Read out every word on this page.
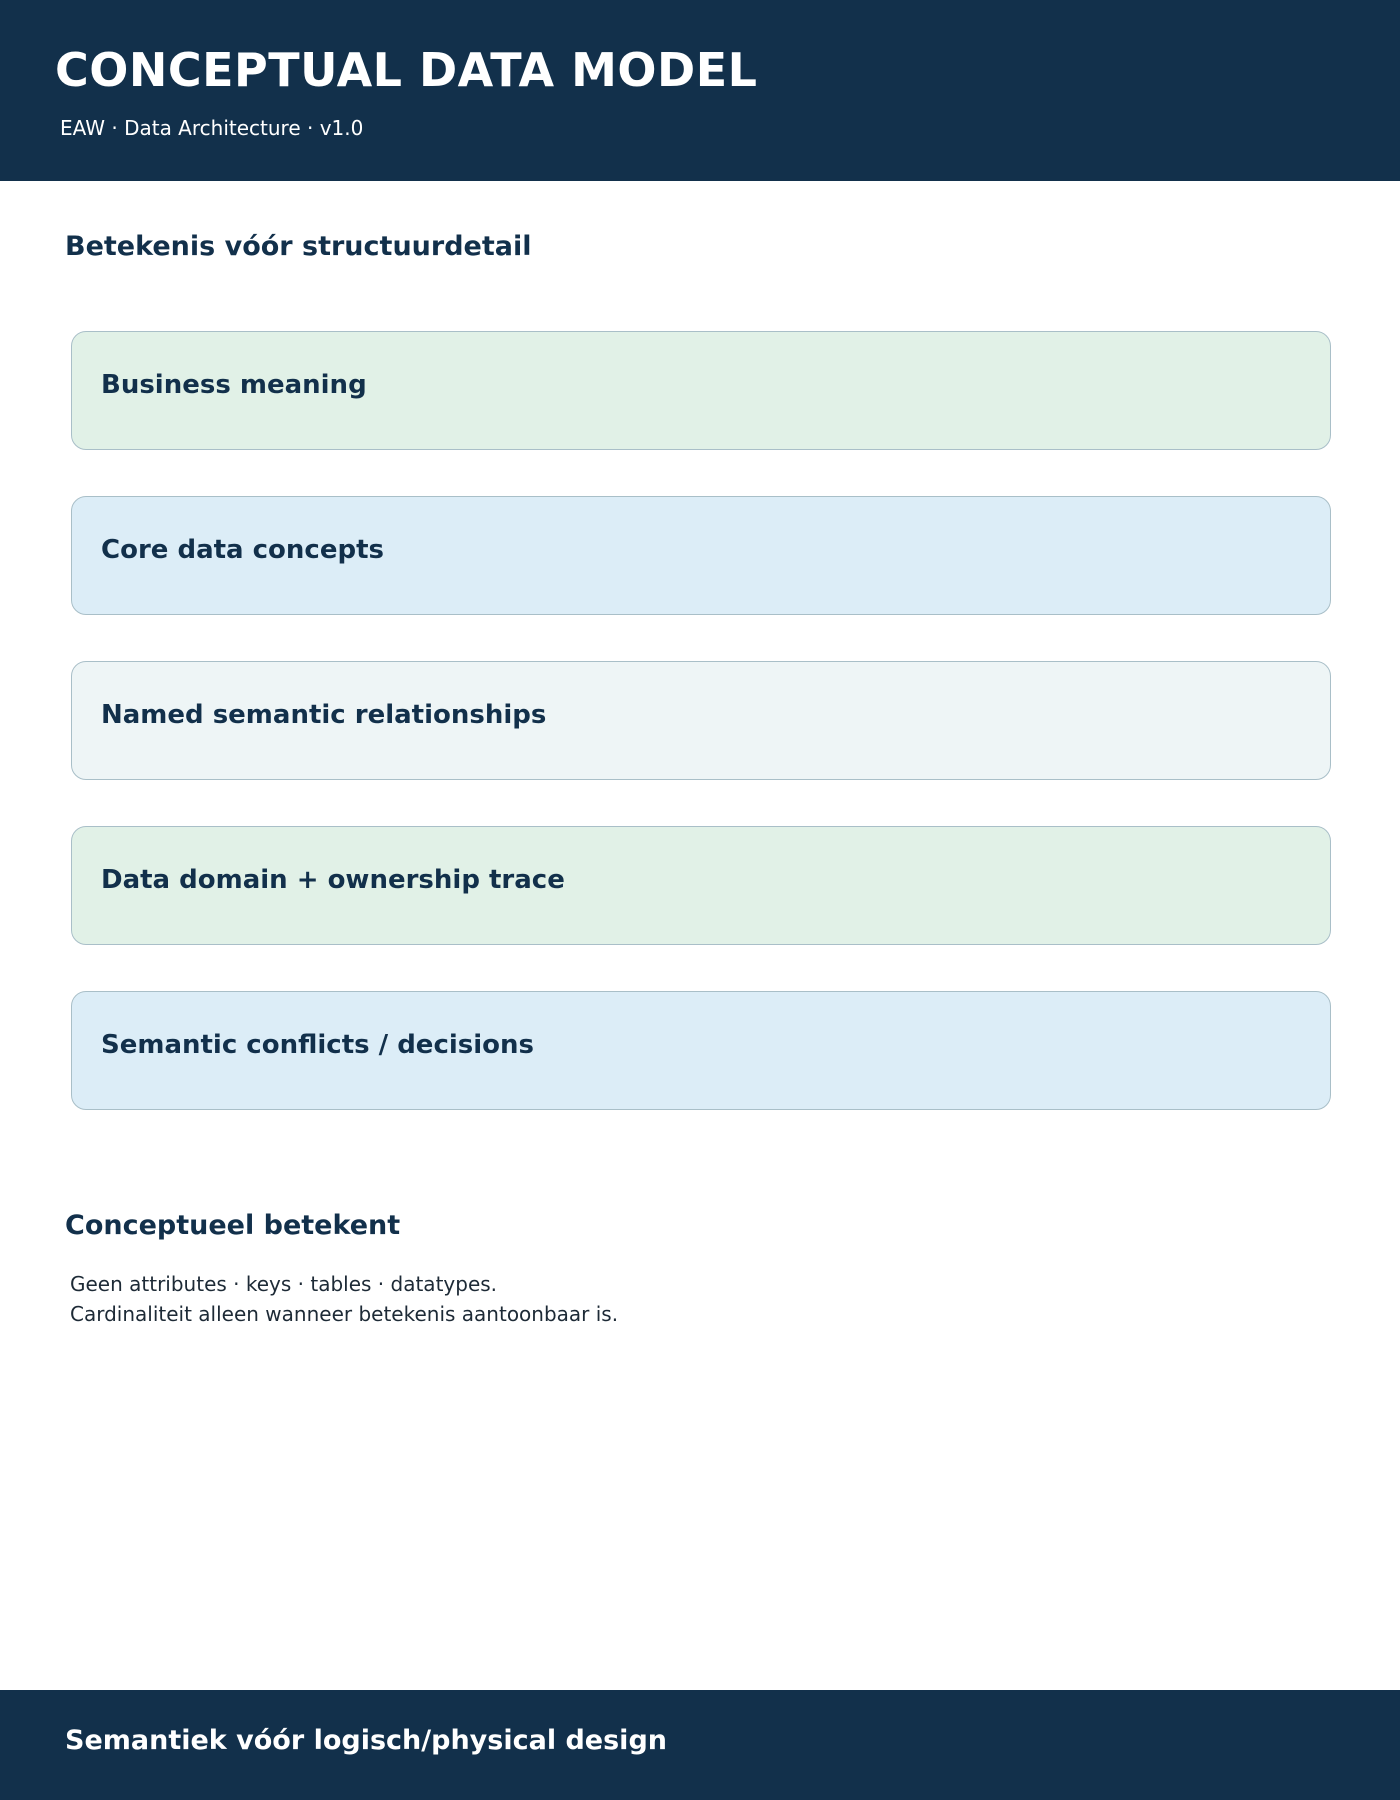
CONCEPTUAL DATA MODEL
EAW · Data Architecture · v1.0
Betekenis vóór structuurdetail
Business meaning
Core data concepts
Named semantic relationships
Data domain + ownership trace
Semantic conflicts / decisions
Conceptueel betekent
Geen attributes · keys · tables · datatypes.
Cardinaliteit alleen wanneer betekenis aantoonbaar is.
Semantiek vóór logisch/physical design
